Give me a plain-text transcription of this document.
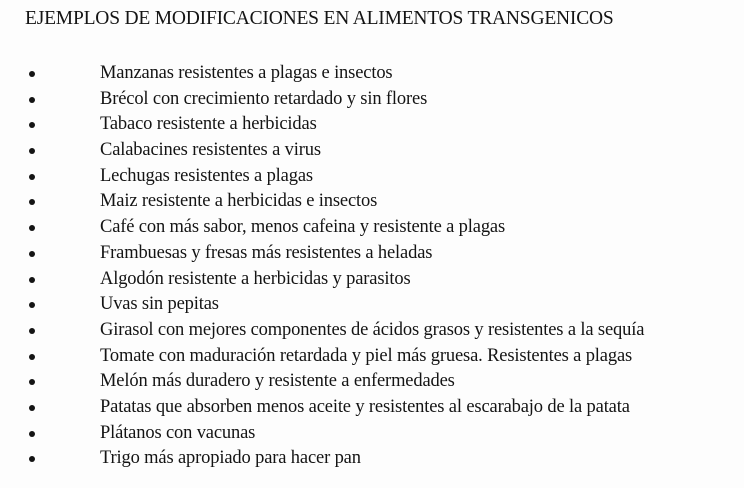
EJEMPLOS DE MODIFICACIONES EN ALIMENTOS TRANSGENICOS
Manzanas resistentes a plagas e insectos
Brécol con crecimiento retardado y sin flores
Tabaco resistente a herbicidas
Calabacines resistentes a virus
Lechugas resistentes a plagas
Maiz resistente a herbicidas e insectos
Café con más sabor, menos cafeina y resistente a plagas
Frambuesas y fresas más resistentes a heladas
Algodón resistente a herbicidas y parasitos
Uvas sin pepitas
Girasol con mejores componentes de ácidos grasos y resistentes a la sequía
Tomate con maduración retardada y piel más gruesa. Resistentes a plagas
Melón más duradero y resistente a enfermedades
Patatas que absorben menos aceite y resistentes al escarabajo de la patata
Plátanos con vacunas
Trigo más apropiado para hacer pan
